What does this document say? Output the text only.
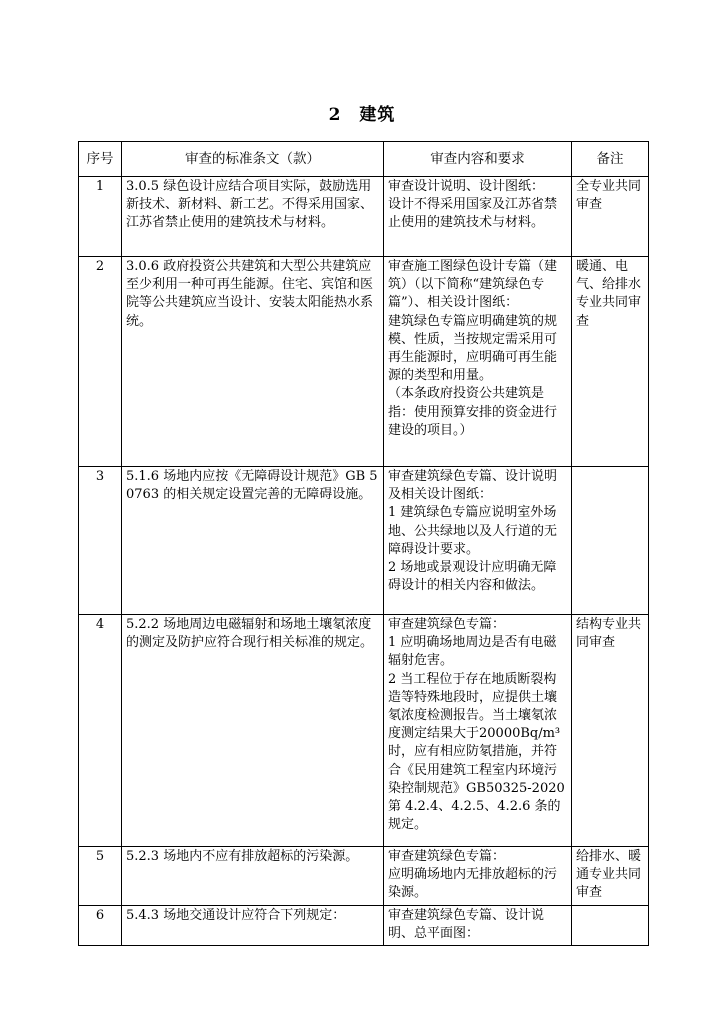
2　建筑
序号	审查的标准条文（款）	审查内容和要求	备注
1	3.0.5 绿色设计应结合项目实际，鼓励选用新技术、新材料、新工艺。不得采用国家、江苏省禁止使用的建筑技术与材料。	审查设计说明、设计图纸：
设计不得采用国家及江苏省禁止使用的建筑技术与材料。	全专业共同审查
2	3.0.6 政府投资公共建筑和大型公共建筑应至少利用一种可再生能源。住宅、宾馆和医院等公共建筑应当设计、安装太阳能热水系统。	审查施工图绿色设计专篇（建筑）（以下简称“建筑绿色专篇”）、相关设计图纸：
建筑绿色专篇应明确建筑的规模、性质，当按规定需采用可再生能源时，应明确可再生能源的类型和用量。
（本条政府投资公共建筑是指：使用预算安排的资金进行建设的项目。）	暖通、电气、给排水专业共同审查
3	5.1.6 场地内应按《无障碍设计规范》GB 50763 的相关规定设置完善的无障碍设施。	审查建筑绿色专篇、设计说明及相关设计图纸：
1 建筑绿色专篇应说明室外场地、公共绿地以及人行道的无障碍设计要求。
2 场地或景观设计应明确无障碍设计的相关内容和做法。	

4	5.2.2 场地周边电磁辐射和场地土壤氡浓度的测定及防护应符合现行相关标准的规定。	审查建筑绿色专篇：
1 应明确场地周边是否有电磁辐射危害。
2 当工程位于存在地质断裂构造等特殊地段时，应提供土壤氡浓度检测报告。当土壤氡浓度测定结果大于20000Bq/m³时，应有相应防氡措施，并符合《民用建筑工程室内环境污染控制规范》GB50325-2020 第 4.2.4、4.2.5、4.2.6 条的规定。	结构专业共同审查
5	5.2.3 场地内不应有排放超标的污染源。	审查建筑绿色专篇：
应明确场地内无排放超标的污染源。	给排水、暖通专业共同审查
6	5.4.3 场地交通设计应符合下列规定：	审查建筑绿色专篇、设计说明、总平面图：	
